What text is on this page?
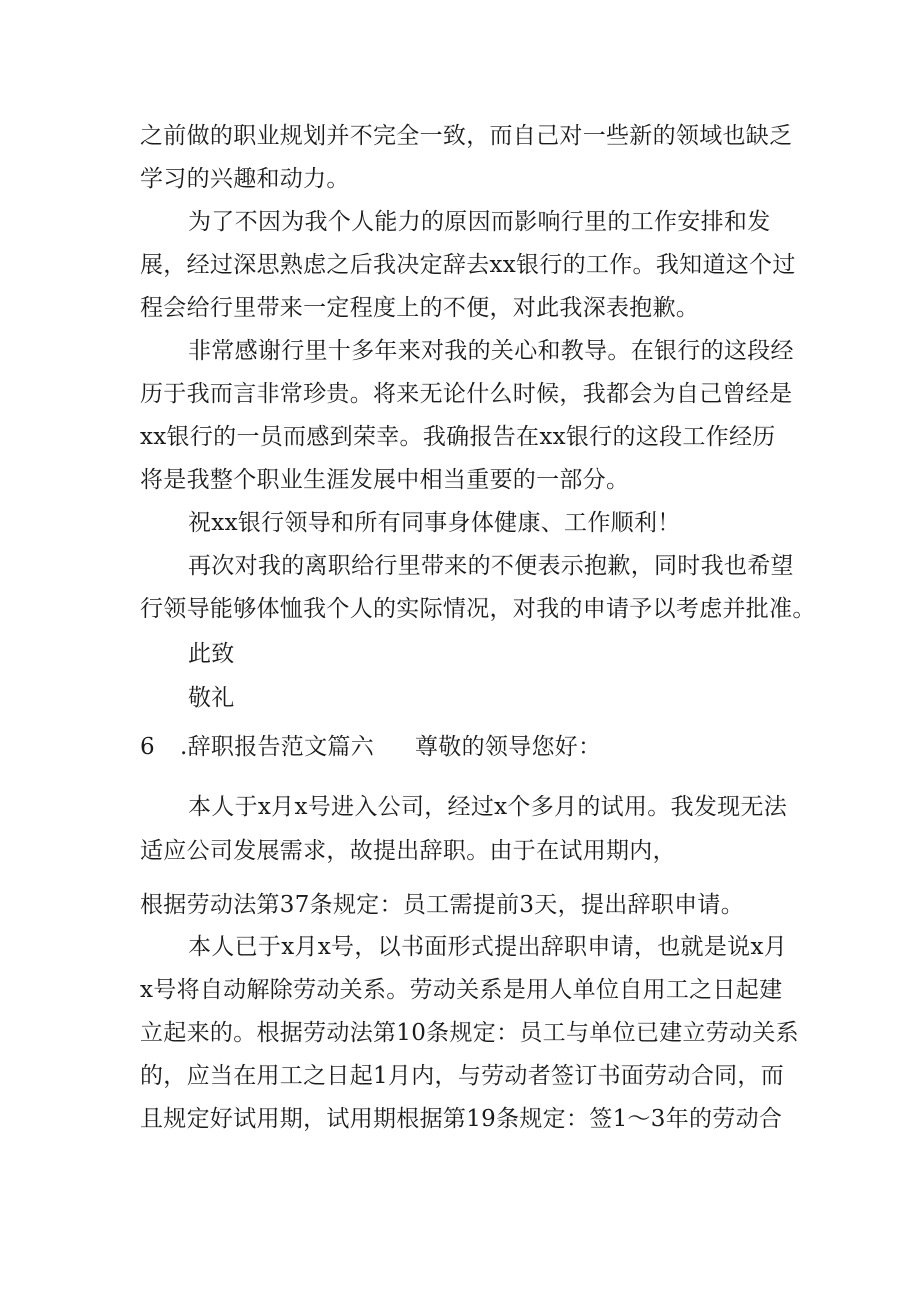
之前做的职业规划并不完全一致，而自己对一些新的领域也缺乏
学习的兴趣和动力。
为了不因为我个人能力的原因而影响行里的工作安排和发
展，经过深思熟虑之后我决定辞去xx银行的工作。我知道这个过
程会给行里带来一定程度上的不便，对此我深表抱歉。
非常感谢行里十多年来对我的关心和教导。在银行的这段经
历于我而言非常珍贵。将来无论什么时候，我都会为自己曾经是
xx银行的一员而感到荣幸。我确报告在xx银行的这段工作经历
将是我整个职业生涯发展中相当重要的一部分。
祝xx银行领导和所有同事身体健康、工作顺利！
再次对我的离职给行里带来的不便表示抱歉，同时我也希望
行领导能够体恤我个人的实际情况，对我的申请予以考虑并批准。
此致
敬礼
6 .辞职报告范文篇六 尊敬的领导您好：
本人于x月x号进入公司，经过x个多月的试用。我发现无法
适应公司发展需求，故提出辞职。由于在试用期内，
根据劳动法第37条规定：员工需提前3天，提出辞职申请。
本人已于x月x号，以书面形式提出辞职申请，也就是说x月
x号将自动解除劳动关系。劳动关系是用人单位自用工之日起建
立起来的。根据劳动法第10条规定：员工与单位已建立劳动关系
的，应当在用工之日起1月内，与劳动者签订书面劳动合同，而
且规定好试用期，试用期根据第19条规定：签1～3年的劳动合
